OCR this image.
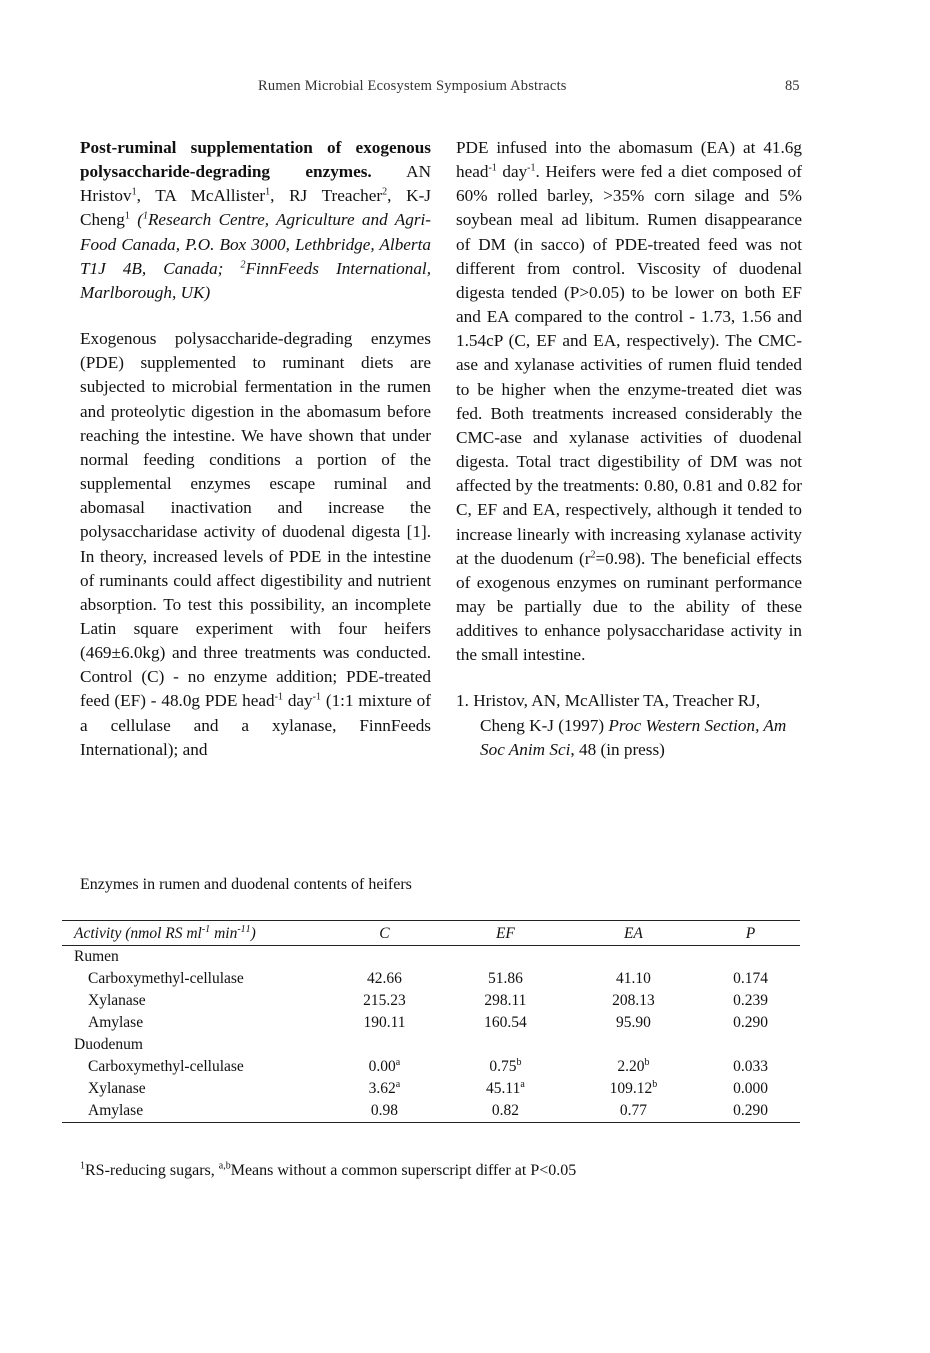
Rumen Microbial Ecosystem Symposium Abstracts	85
Post-ruminal supplementation of exogenous polysaccharide-degrading enzymes. AN Hristov$^1$, TA McAllister$^1$, RJ Treacher$^2$, K-J Cheng$^1$ ($^1$Research Centre, Agriculture and Agri-Food Canada, P.O. Box 3000, Lethbridge, Alberta T1J 4B, Canada; $^2$FinnFeeds International, Marlborough, UK)

Exogenous polysaccharide-degrading enzymes (PDE) supplemented to ruminant diets are subjected to microbial fermentation in the rumen and proteolytic digestion in the abomasum before reaching the intestine. We have shown that under normal feeding conditions a portion of the supplemental enzymes escape ruminal and abomasal inactivation and increase the polysaccharidase activity of duodenal digesta [1]. In theory, increased levels of PDE in the intestine of ruminants could affect digestibility and nutrient absorption. To test this possibility, an incomplete Latin square experiment with four heifers (469±6.0kg) and three treatments was conducted. Control (C) - no enzyme addition; PDE-treated feed (EF) - 48.0g PDE head$^{-1}$ day$^{-1}$ (1:1 mixture of a cellulase and a xylanase, FinnFeeds International); and

PDE infused into the abomasum (EA) at 41.6g head$^{-1}$ day$^{-1}$. Heifers were fed a diet composed of 60% rolled barley, >35% corn silage and 5% soybean meal ad libitum. Rumen disappearance of DM (in sacco) of PDE-treated feed was not different from control. Viscosity of duodenal digesta tended (P>0.05) to be lower on both EF and EA compared to the control - 1.73, 1.56 and 1.54cP (C, EF and EA, respectively). The CMC-ase and xylanase activities of rumen fluid tended to be higher when the enzyme-treated diet was fed. Both treatments increased considerably the CMC-ase and xylanase activities of duodenal digesta. Total tract digestibility of DM was not affected by the treatments: 0.80, 0.81 and 0.82 for C, EF and EA, respectively, although it tended to increase linearly with increasing xylanase activity at the duodenum $(r^2=0.98)$. The beneficial effects of exogenous enzymes on ruminant performance may be partially due to the ability of these additives to enhance polysaccharidase activity in the small intestine.

1. Hristov, AN, McAllister TA, Treacher RJ, Cheng K-J (1997) Proc Western Section, Am Soc Anim Sci, 48 (in press)

Enzymes in rumen and duodenal contents of heifers
Activity (nmol RS $ml^{-1}$ $\min^{-11}$)	C	EF	EA	P
Rumen				
Carboxymethyl-cellulase	42.66	51.86	41.10	0.174
Xylanase	215.23	298.11	208.13	0.239
Amylase	190.11	160.54	95.90	0.290
Duodenum				
Carboxymethyl-cellulase	0.00$^a$	0.75$^b$	2.20$^b$	0.033
Xylanase	3.62$^a$	45.11$^a$	109.12$^b$	0.000
Amylase	0.98	0.82	0.77	0.290
$^1$RS-reducing sugars, $^{a,b}$Means without a common superscript differ at P<0.05
